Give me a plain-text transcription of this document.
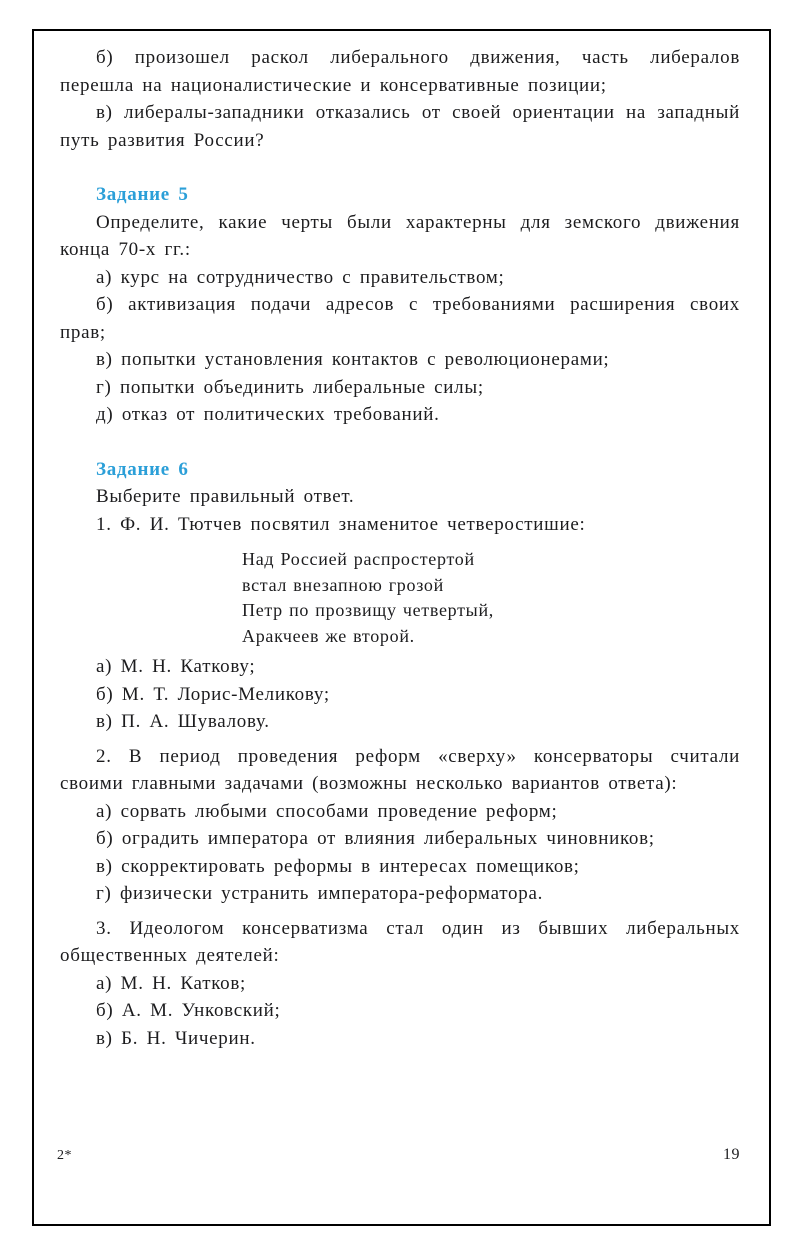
б) произошел раскол либерального движения, часть либералов перешла на националистические и консервативные позиции;

в) либералы-западники отказались от своей ориентации на западный путь развития России?

Задание 5

Определите, какие черты были характерны для земского движения конца 70-х гг.:

а) курс на сотрудничество с правительством;

б) активизация подачи адресов с требованиями расширения своих прав;

в) попытки установления контактов с революционерами;

г) попытки объединить либеральные силы;

д) отказ от политических требований.

Задание 6

Выберите правильный ответ.

1. Ф. И. Тютчев посвятил знаменитое четверостишие:

Над Россией распростертой
встал внезапною грозой
Петр по прозвищу четвертый,
Аракчеев же второй.

а) М. Н. Каткову;

б) М. Т. Лорис-Меликову;

в) П. А. Шувалову.

2. В период проведения реформ «сверху» консерваторы считали своими главными задачами (возможны несколько вариантов ответа):

а) сорвать любыми способами проведение реформ;

б) оградить императора от влияния либеральных чиновников;

в) скорректировать реформы в интересах помещиков;

г) физически устранить императора-реформатора.

3. Идеологом консерватизма стал один из бывших либеральных общественных деятелей:

а) М. Н. Катков;

б) А. М. Унковский;

в) Б. Н. Чичерин.

2*	19
